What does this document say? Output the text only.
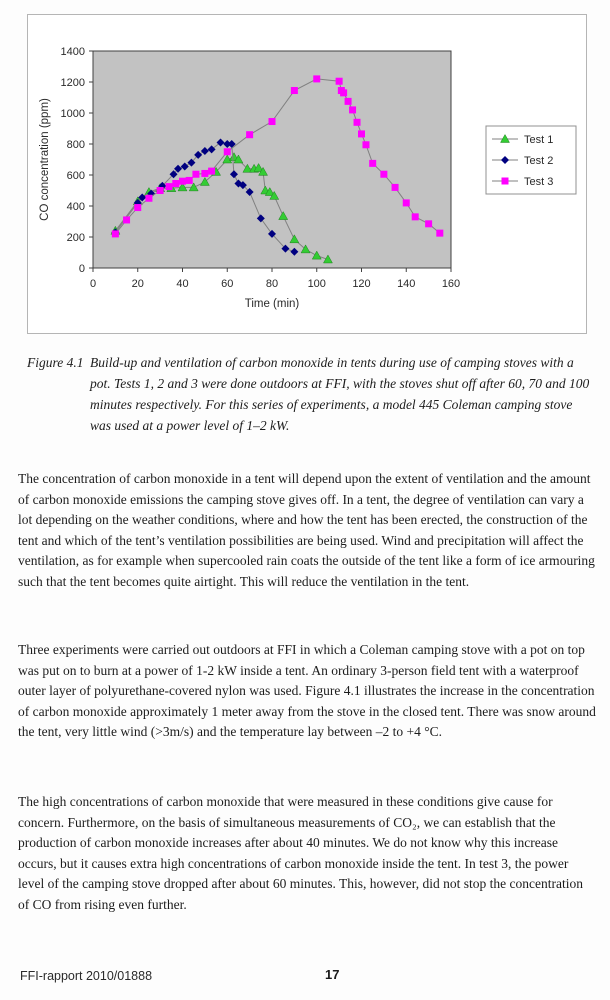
0
200
400
600
800
1000
1200
1400
0	20	40	60	80	100 120 140 160
Time (min)
CO concentration (ppm)	Test 1
Test 2
Test 3
Figure 4.1 Build-up and ventilation of carbon monoxide in tents during use of camping stoves with a pot. Tests 1, 2 and 3 were done outdoors at FFI, with the stoves shut off after 60, 70 and 100 minutes respectively. For this series of experiments, a model 445 Coleman camping stove was used at a power level of 1–2 kW.

The concentration of carbon monoxide in a tent will depend upon the extent of ventilation and the amount of carbon monoxide emissions the camping stove gives off. In a tent, the degree of ventilation can vary a lot depending on the weather conditions, where and how the tent has been erected, the construction of the tent and which of the tent’s ventilation possibilities are being used. Wind and precipitation will affect the ventilation, as for example when supercooled rain coats the outside of the tent like a form of ice armouring such that the tent becomes quite airtight. This will reduce the ventilation in the tent.

Three experiments were carried out outdoors at FFI in which a Coleman camping stove with a pot on top was put on to burn at a power of 1-2 kW inside a tent. An ordinary 3-person field tent with a waterproof outer layer of polyurethane-covered nylon was used. Figure 4.1 illustrates the increase in the concentration of carbon monoxide approximately 1 meter away from the stove in the closed tent. There was snow around the tent, very little wind (>3m/s) and the temperature lay between –2 to +4 °C.

The high concentrations of carbon monoxide that were measured in these conditions give cause for concern. Furthermore, on the basis of simultaneous measurements of CO₂, we can establish that the production of carbon monoxide increases after about 40 minutes. We do not know why this increase occurs, but it causes extra high concentrations of carbon monoxide inside the tent. In test 3, the power level of the camping stove dropped after about 60 minutes. This, however, did not stop the concentration of CO from rising even further.

FFI-rapport 2010/01888	17
